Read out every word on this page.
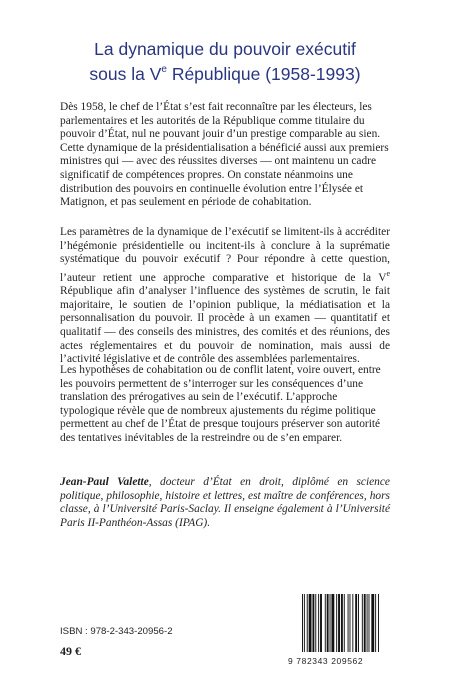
La dynamique du pouvoir exécutif
sous la Ve République (1958-1993)

Dès 1958, le chef de l’État s’est fait reconnaître par les électeurs, les parlementaires et les autorités de la République comme titulaire du pouvoir d’État, nul ne pouvant jouir d’un prestige comparable au sien. Cette dynamique de la présidentialisation a bénéficié aussi aux premiers ministres qui — avec des réussites diverses — ont maintenu un cadre significatif de compétences propres. On constate néanmoins une distribution des pouvoirs en continuelle évolution entre l’Élysée et Matignon, et pas seulement en période de cohabitation.

Les paramètres de la dynamique de l’exécutif se limitent-ils à accréditer l’hégémonie présidentielle ou incitent-ils à conclure à la suprématie systématique du pouvoir exécutif ? Pour répondre à cette question, l’auteur retient une approche comparative et historique de la Ve République afin d’analyser l’influence des systèmes de scrutin, le fait majoritaire, le soutien de l’opinion publique, la médiatisation et la personnalisation du pouvoir. Il procède à un examen — quantitatif et qualitatif — des conseils des ministres, des comités et des réunions, des actes réglementaires et du pouvoir de nomination, mais aussi de l’activité législative et de contrôle des assemblées parlementaires.

Les hypothèses de cohabitation ou de conflit latent, voire ouvert, entre les pouvoirs permettent de s’interroger sur les conséquences d’une translation des prérogatives au sein de l’exécutif. L’approche typologique révèle que de nombreux ajustements du régime politique permettent au chef de l’État de presque toujours préserver son autorité des tentatives inévitables de la restreindre ou de s’en emparer.

Jean-Paul Valette, docteur d’État en droit, diplômé en science politique, philosophie, histoire et lettres, est maître de conférences, hors classe, à l’Université Paris-Saclay. Il enseigne également à l’Université Paris II-Panthéon-Assas (IPAG).

ISBN : 978-2-343-20956-2
49 €
9 782343 209562
